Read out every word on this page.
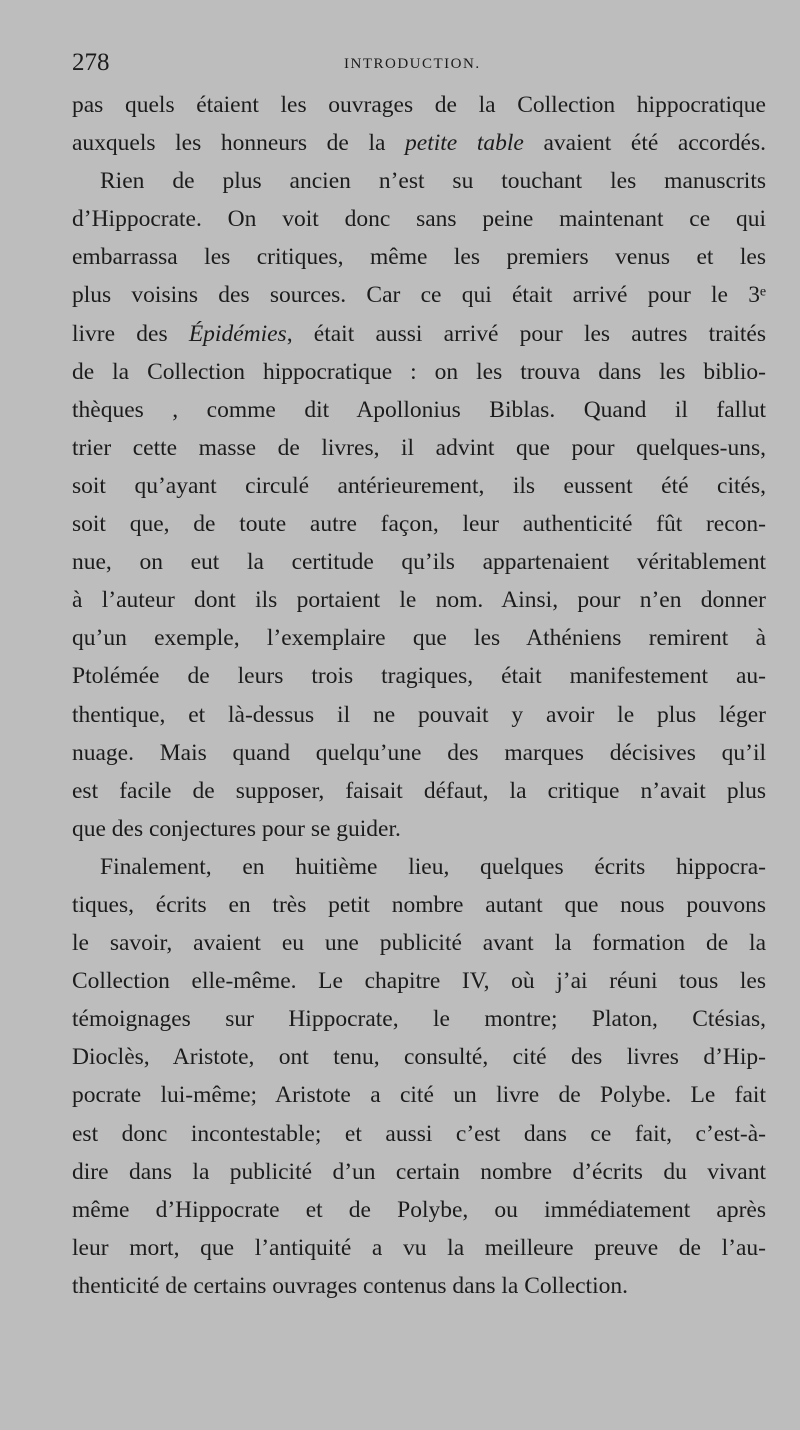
278	INTRODUCTION.
pas quels étaient les ouvrages de la Collection hippocratique
auxquels les honneurs de la petite table avaient été accordés.
Rien de plus ancien n’est su touchant les manuscrits
d’Hippocrate. On voit donc sans peine maintenant ce qui
embarrassa les critiques, même les premiers venus et les
plus voisins des sources. Car ce qui était arrivé pour le 3ᵉ
livre des Épidémies, était aussi arrivé pour les autres traités
de la Collection hippocratique : on les trouva dans les biblio-
thèques , comme dit Apollonius Biblas. Quand il fallut
trier cette masse de livres, il advint que pour quelques-uns,
soit qu’ayant circulé antérieurement, ils eussent été cités,
soit que, de toute autre façon, leur authenticité fût recon-
nue, on eut la certitude qu’ils appartenaient véritablement
à l’auteur dont ils portaient le nom. Ainsi, pour n’en donner
qu’un exemple, l’exemplaire que les Athéniens remirent à
Ptolémée de leurs trois tragiques, était manifestement au-
thentique, et là-dessus il ne pouvait y avoir le plus léger
nuage. Mais quand quelqu’une des marques décisives qu’il
est facile de supposer, faisait défaut, la critique n’avait plus
que des conjectures pour se guider.
Finalement, en huitième lieu, quelques écrits hippocra-
tiques, écrits en très petit nombre autant que nous pouvons
le savoir, avaient eu une publicité avant la formation de la
Collection elle-même. Le chapitre IV, où j’ai réuni tous les
témoignages sur Hippocrate, le montre; Platon, Ctésias,
Dioclès, Aristote, ont tenu, consulté, cité des livres d’Hip-
pocrate lui-même; Aristote a cité un livre de Polybe. Le fait
est donc incontestable; et aussi c’est dans ce fait, c’est-à-
dire dans la publicité d’un certain nombre d’écrits du vivant
même d’Hippocrate et de Polybe, ou immédiatement après
leur mort, que l’antiquité a vu la meilleure preuve de l’au-
thenticité de certains ouvrages contenus dans la Collection.
